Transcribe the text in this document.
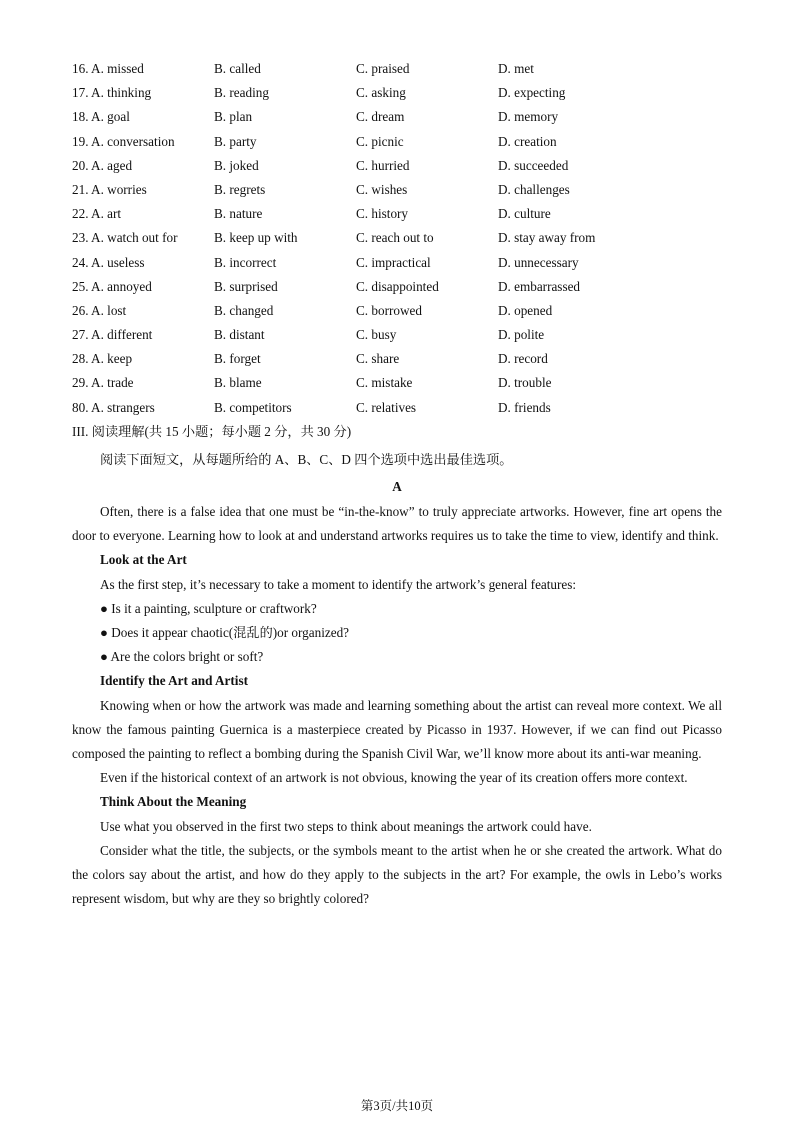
16. A. missed	B. called	C. praised	D. met
17. A. thinking	B. reading	C. asking	D. expecting
18. A. goal	B. plan	C. dream	D. memory
19. A. conversation	B. party	C. picnic	D. creation
20. A. aged	B. joked	C. hurried	D. succeeded
21. A. worries	B. regrets	C. wishes	D. challenges
22. A. art	B. nature	C. history	D. culture
23. A. watch out for	B. keep up with	C. reach out to	D. stay away from
24. A. useless	B. incorrect	C. impractical	D. unnecessary
25. A. annoyed	B. surprised	C. disappointed	D. embarrassed
26. A. lost	B. changed	C. borrowed	D. opened
27. A. different	B. distant	C. busy	D. polite
28. A. keep	B. forget	C. share	D. record
29. A. trade	B. blame	C. mistake	D. trouble
80. A. strangers	B. competitors	C. relatives	D. friends
III. 阅读理解(共 15 小题；每小题 2 分，共 30 分)
阅读下面短文，从每题所给的 A、B、C、D 四个选项中选出最佳选项。
A

Often, there is a false idea that one must be “in-the-know” to truly appreciate artworks. However, fine art opens the door to everyone. Learning how to look at and understand artworks requires us to take the time to view, identify and think.

Look at the Art

As the first step, it’s necessary to take a moment to identify the artwork’s general features:

● Is it a painting, sculpture or craftwork?

● Does it appear chaotic(混乱的)or organized?

● Are the colors bright or soft?

Identify the Art and Artist

Knowing when or how the artwork was made and learning something about the artist can reveal more context. We all know the famous painting Guernica is a masterpiece created by Picasso in 1937. However, if we can find out Picasso composed the painting to reflect a bombing during the Spanish Civil War, we’ll know more about its anti-war meaning.

Even if the historical context of an artwork is not obvious, knowing the year of its creation offers more context.

Think About the Meaning

Use what you observed in the first two steps to think about meanings the artwork could have.

Consider what the title, the subjects, or the symbols meant to the artist when he or she created the artwork. What do the colors say about the artist, and how do they apply to the subjects in the art? For example, the owls in Lebo’s works represent wisdom, but why are they so brightly colored?

第3页/共10页
